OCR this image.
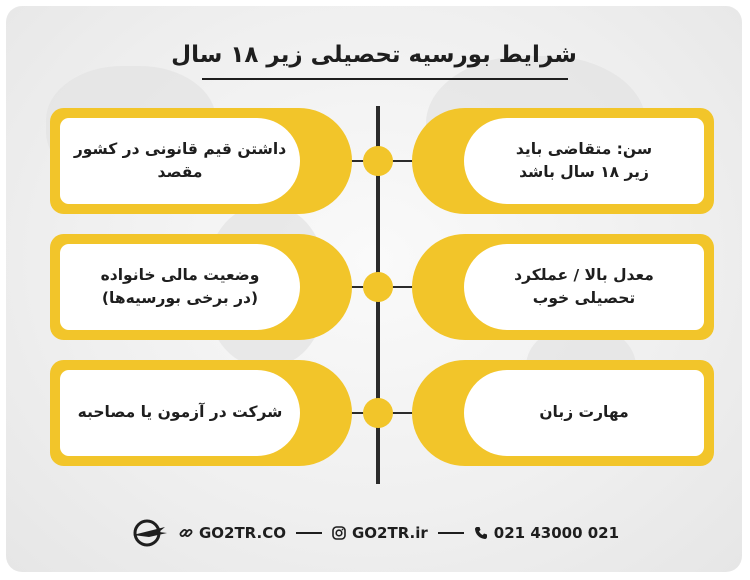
شرایط بورسیه تحصیلی زیر ۱۸ سال
سن: متقاضی باید
زیر ۱۸ سال باشد
داشتن قیم قانونی در کشور مقصد
معدل بالا / عملکرد
تحصیلی خوب
وضعیت مالی خانواده
(در برخی بورسیه‌ها)
مهارت زبان
شرکت در آزمون یا مصاحبه
GO2TR.CO	GO2TR.ir	021 43000 021
